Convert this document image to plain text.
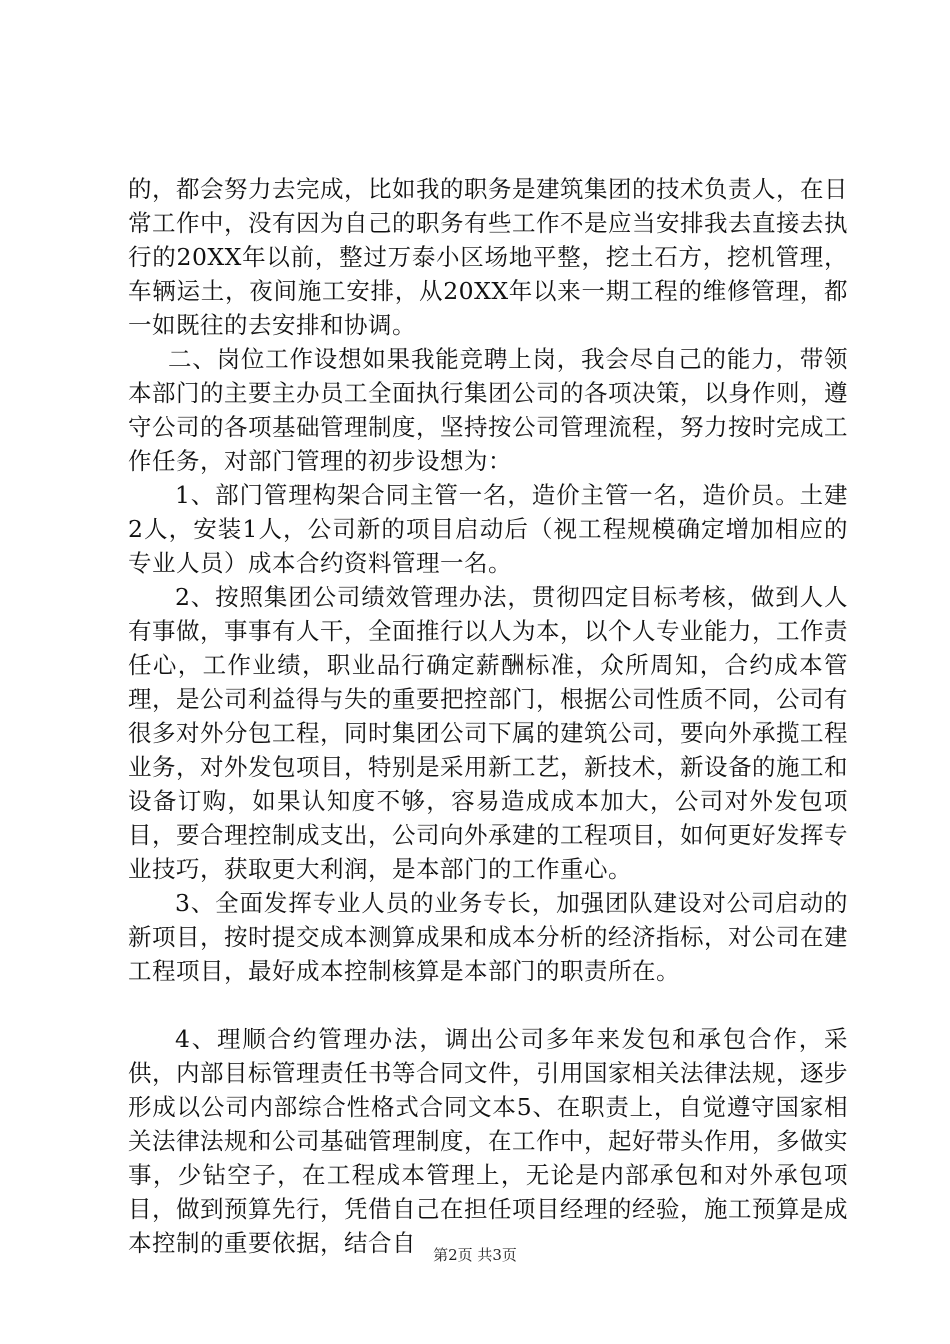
的，都会努力去完成，比如我的职务是建筑集团的技术负责人，在日常工作中，没有因为自己的职务有些工作不是应当安排我去直接去执行的20XX年以前，整过万泰小区场地平整，挖土石方，挖机管理，车辆运土，夜间施工安排，从20XX年以来一期工程的维修管理，都一如既往的去安排和协调。

二、岗位工作设想如果我能竞聘上岗，我会尽自己的能力，带领本部门的主要主办员工全面执行集团公司的各项决策，以身作则，遵守公司的各项基础管理制度，坚持按公司管理流程，努力按时完成工作任务，对部门管理的初步设想为：

1、部门管理构架合同主管一名，造价主管一名，造价员。土建2人，安装1人，公司新的项目启动后（视工程规模确定增加相应的专业人员）成本合约资料管理一名。

2、按照集团公司绩效管理办法，贯彻四定目标考核，做到人人有事做，事事有人干，全面推行以人为本，以个人专业能力，工作责任心，工作业绩，职业品行确定薪酬标准，众所周知，合约成本管理，是公司利益得与失的重要把控部门，根据公司性质不同，公司有很多对外分包工程，同时集团公司下属的建筑公司，要向外承揽工程业务，对外发包项目，特别是采用新工艺，新技术，新设备的施工和设备订购，如果认知度不够，容易造成成本加大，公司对外发包项目，要合理控制成支出，公司向外承建的工程项目，如何更好发挥专业技巧，获取更大利润，是本部门的工作重心。

3、全面发挥专业人员的业务专长，加强团队建设对公司启动的新项目，按时提交成本测算成果和成本分析的经济指标，对公司在建工程项目，最好成本控制核算是本部门的职责所在。

4、理顺合约管理办法，调出公司多年来发包和承包合作，采供，内部目标管理责任书等合同文件，引用国家相关法律法规，逐步形成以公司内部综合性格式合同文本5、在职责上，自觉遵守国家相关法律法规和公司基础管理制度，在工作中，起好带头作用，多做实事，少钻空子，在工程成本管理上，无论是内部承包和对外承包项目，做到预算先行，凭借自己在担任项目经理的经验，施工预算是成本控制的重要依据，结合自	第2页 共3页
